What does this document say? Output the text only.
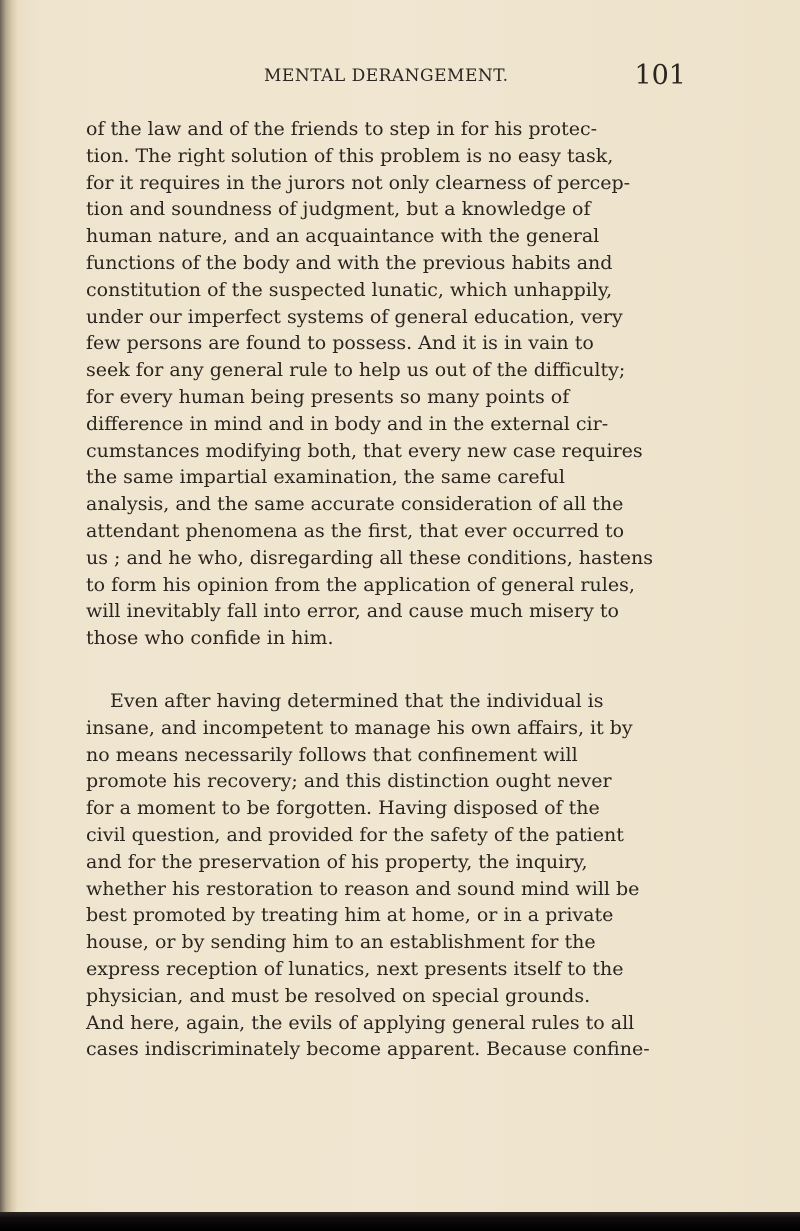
MENTAL DERANGEMENT.	101

of the law and of the friends to step in for his protec-

tion. The right solution of this problem is no easy task,

for it requires in the jurors not only clearness of percep-

tion and soundness of judgment, but a knowledge of

human nature, and an acquaintance with the general

functions of the body and with the previous habits and

constitution of the suspected lunatic, which unhappily,

under our imperfect systems of general education, very

few persons are found to possess. And it is in vain to

seek for any general rule to help us out of the difficulty;

for every human being presents so many points of

difference in mind and in body and in the external cir-

cumstances modifying both, that every new case requires

the same impartial examination, the same careful

analysis, and the same accurate consideration of all the

attendant phenomena as the first, that ever occurred to

us ; and he who, disregarding all these conditions, hastens

to form his opinion from the application of general rules,

will inevitably fall into error, and cause much misery to

those who confide in him.

Even after having determined that the individual is

insane, and incompetent to manage his own affairs, it by

no means necessarily follows that confinement will

promote his recovery; and this distinction ought never

for a moment to be forgotten. Having disposed of the

civil question, and provided for the safety of the patient

and for the preservation of his property, the inquiry,

whether his restoration to reason and sound mind will be

best promoted by treating him at home, or in a private

house, or by sending him to an establishment for the

express reception of lunatics, next presents itself to the

physician, and must be resolved on special grounds.

And here, again, the evils of applying general rules to all

cases indiscriminately become apparent. Because confine-
